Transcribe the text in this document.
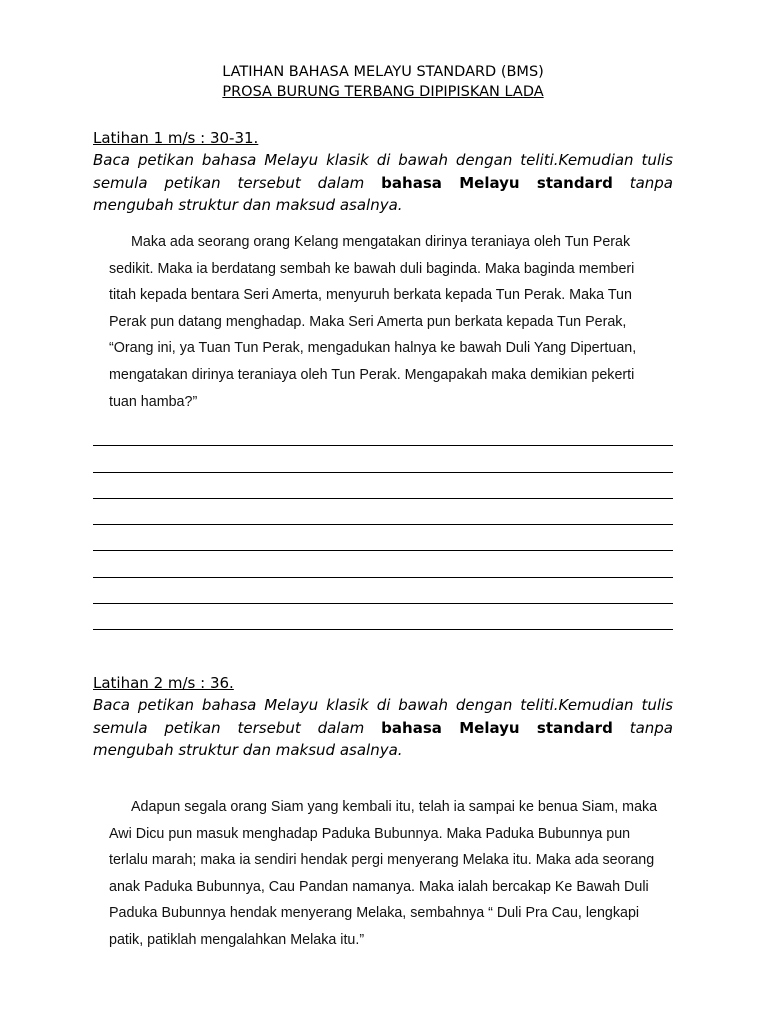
LATIHAN BAHASA MELAYU STANDARD (BMS)
PROSA BURUNG TERBANG DIPIPISKAN LADA
Latihan 1 m/s : 30-31.
Baca petikan bahasa Melayu klasik di bawah dengan teliti.Kemudian tulis semula petikan tersebut dalam bahasa Melayu standard tanpa mengubah struktur dan maksud asalnya.

Maka ada seorang orang Kelang mengatakan dirinya teraniaya oleh Tun Perak sedikit. Maka ia berdatang sembah ke bawah duli baginda. Maka baginda memberi titah kepada bentara Seri Amerta, menyuruh berkata kepada Tun Perak. Maka Tun Perak pun datang menghadap. Maka Seri Amerta pun berkata kepada Tun Perak, “Orang ini, ya Tuan Tun Perak, mengadukan halnya ke bawah Duli Yang Dipertuan, mengatakan dirinya teraniaya oleh Tun Perak. Mengapakah maka demikian pekerti tuan hamba?”

Latihan 2 m/s : 36.
Baca petikan bahasa Melayu klasik di bawah dengan teliti.Kemudian tulis semula petikan tersebut dalam bahasa Melayu standard tanpa mengubah struktur dan maksud asalnya.

Adapun segala orang Siam yang kembali itu, telah ia sampai ke benua Siam, maka Awi Dicu pun masuk menghadap Paduka Bubunnya. Maka Paduka Bubunnya pun terlalu marah; maka ia sendiri hendak pergi menyerang Melaka itu. Maka ada seorang anak Paduka Bubunnya, Cau Pandan namanya. Maka ialah bercakap Ke Bawah Duli Paduka Bubunnya hendak menyerang Melaka, sembahnya “ Duli Pra Cau, lengkapi patik, patiklah mengalahkan Melaka itu.”
